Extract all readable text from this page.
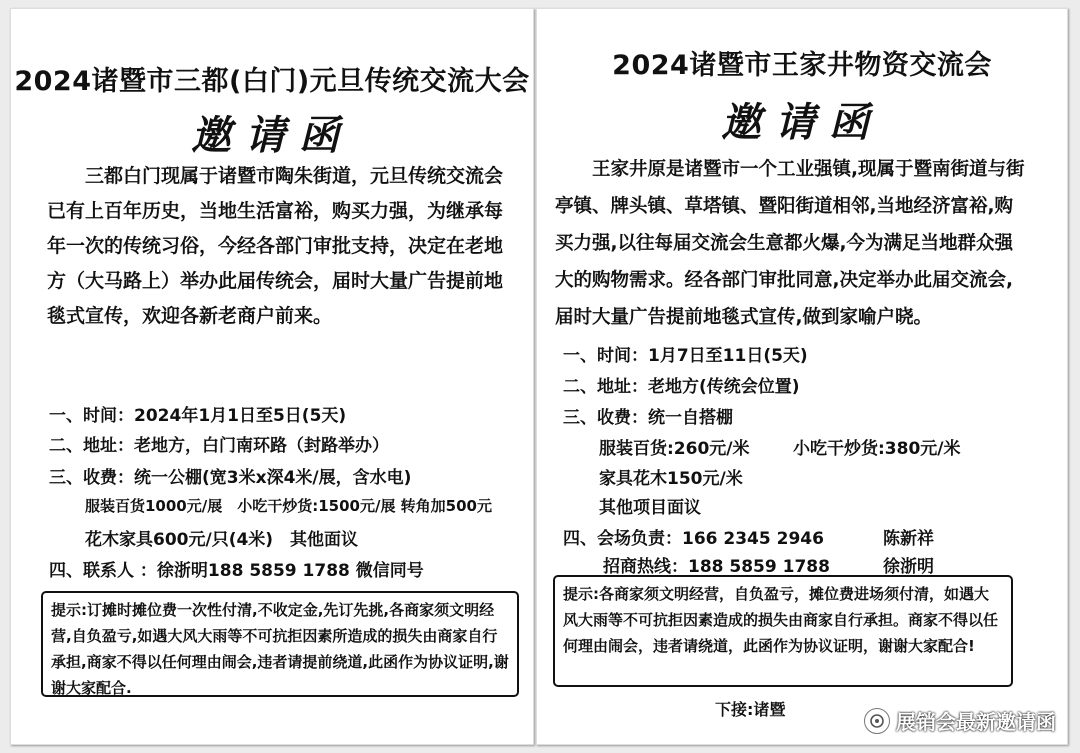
2024诸暨市三都(白门)元旦传统交流大会
邀请函

三都白门现属于诸暨市陶朱街道，元旦传统交流会已有上百年历史，当地生活富裕，购买力强，为继承每年一次的传统习俗，今经各部门审批支持，决定在老地方（大马路上）举办此届传统会，届时大量广告提前地毯式宣传，欢迎各新老商户前来。

一、时间：2024年1月1日至5日(5天)
二、地址：老地方，白门南环路（封路举办）
三、收费：统一公棚(宽3米x深4米/展，含水电)
服装百货1000元/展　小吃干炒货:1500元/展 转角加500元
花木家具600元/只(4米)　其他面议
四、联系人 ：徐浙明188 5859 1788 微信同号
提示:订摊时摊位费一次性付清,不收定金,先订先挑,各商家须文明经营,自负盈亏,如遇大风大雨等不可抗拒因素所造成的损失由商家自行承担,商家不得以任何理由闹会,违者请提前绕道,此函作为协议证明,谢谢大家配合.
2024诸暨市王家井物资交流会
邀请函

王家井原是诸暨市一个工业强镇,现属于暨南街道与街亭镇、牌头镇、草塔镇、暨阳街道相邻,当地经济富裕,购买力强,以往每届交流会生意都火爆,今为满足当地群众强大的购物需求。经各部门审批同意,决定举办此届交流会,届时大量广告提前地毯式宣传,做到家喻户晓。

一、时间：1月7日至11日(5天)
二、地址：老地方(传统会位置)
三、收费：统一自搭棚
服装百货:260元/米	小吃干炒货:380元/米
家具花木150元/米
其他项目面议
四、会场负责：166 2345 2946	陈新祥
招商热线：188 5859 1788	徐浙明
提示:各商家须文明经营，自负盈亏，摊位费进场须付清，如遇大风大雨等不可抗拒因素造成的损失由商家自行承担。商家不得以任何理由闹会，违者请绕道，此函作为协议证明，谢谢大家配合!
下接:诸暨
展销会最新邀请函
